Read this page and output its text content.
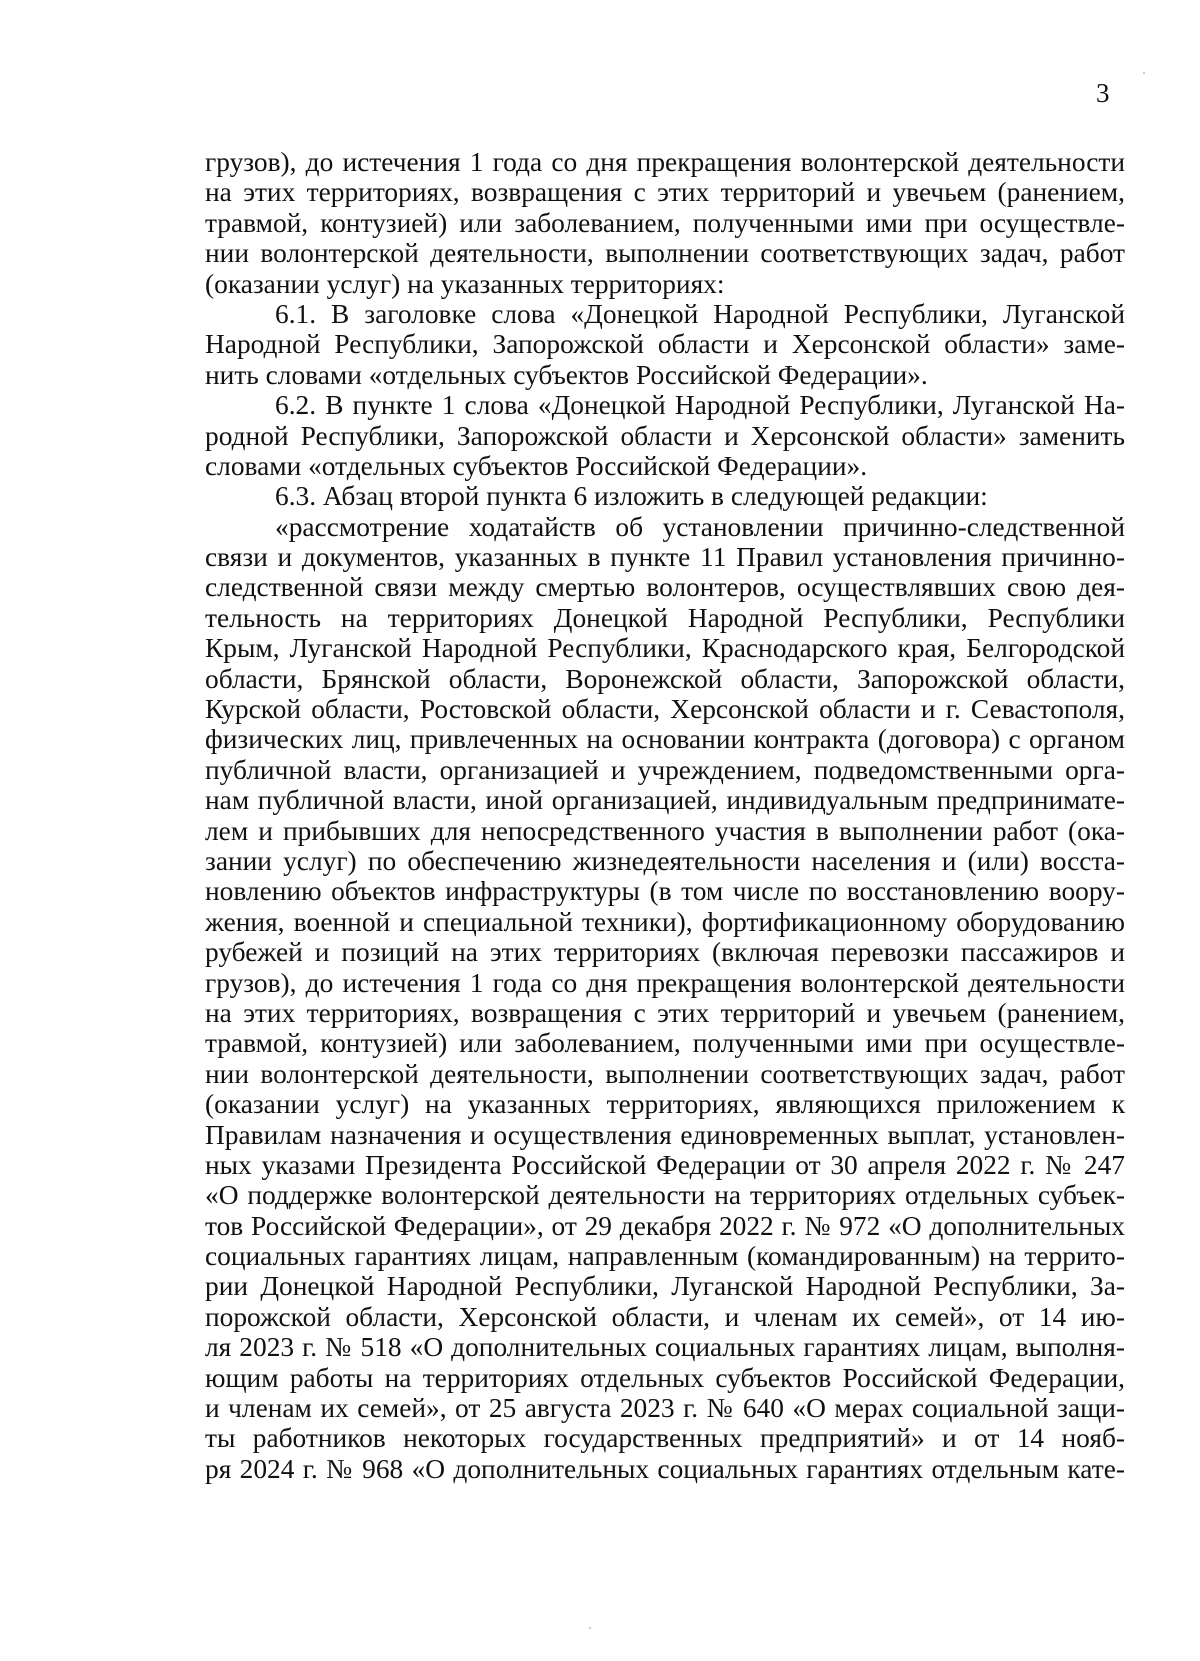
3
грузов), до истечения 1 года со дня прекращения волонтерской деятельности
на этих территориях, возвращения с этих территорий и увечьем (ранением,
травмой, контузией) или заболеванием, полученными ими при осуществле-
нии волонтерской деятельности, выполнении соответствующих задач, работ
(оказании услуг) на указанных территориях:
6.1. В заголовке слова «Донецкой Народной Республики, Луганской
Народной Республики, Запорожской области и Херсонской области» заме-
нить словами «отдельных субъектов Российской Федерации».
6.2. В пункте 1 слова «Донецкой Народной Республики, Луганской На-
родной Республики, Запорожской области и Херсонской области» заменить
словами «отдельных субъектов Российской Федерации».
6.3. Абзац второй пункта 6 изложить в следующей редакции:
«рассмотрение ходатайств об установлении причинно-следственной
связи и документов, указанных в пункте 11 Правил установления причинно-
следственной связи между смертью волонтеров, осуществлявших свою дея-
тельность на территориях Донецкой Народной Республики, Республики
Крым, Луганской Народной Республики, Краснодарского края, Белгородской
области, Брянской области, Воронежской области, Запорожской области,
Курской области, Ростовской области, Херсонской области и г. Севастополя,
физических лиц, привлеченных на основании контракта (договора) с органом
публичной власти, организацией и учреждением, подведомственными орга-
нам публичной власти, иной организацией, индивидуальным предпринимате-
лем и прибывших для непосредственного участия в выполнении работ (ока-
зании услуг) по обеспечению жизнедеятельности населения и (или) восста-
новлению объектов инфраструктуры (в том числе по восстановлению воору-
жения, военной и специальной техники), фортификационному оборудованию
рубежей и позиций на этих территориях (включая перевозки пассажиров и
грузов), до истечения 1 года со дня прекращения волонтерской деятельности
на этих территориях, возвращения с этих территорий и увечьем (ранением,
травмой, контузией) или заболеванием, полученными ими при осуществле-
нии волонтерской деятельности, выполнении соответствующих задач, работ
(оказании услуг) на указанных территориях, являющихся приложением к
Правилам назначения и осуществления единовременных выплат, установлен-
ных указами Президента Российской Федерации от 30 апреля 2022 г. № 247
«О поддержке волонтерской деятельности на территориях отдельных субъек-
тов Российской Федерации», от 29 декабря 2022 г. № 972 «О дополнительных
социальных гарантиях лицам, направленным (командированным) на террито-
рии Донецкой Народной Республики, Луганской Народной Республики, За-
порожской области, Херсонской области, и членам их семей», от 14 ию-
ля 2023 г. № 518 «О дополнительных социальных гарантиях лицам, выполня-
ющим работы на территориях отдельных субъектов Российской Федерации,
и членам их семей», от 25 августа 2023 г. № 640 «О мерах социальной защи-
ты работников некоторых государственных предприятий» и от 14 нояб-
ря 2024 г. № 968 «О дополнительных социальных гарантиях отдельным кате-
